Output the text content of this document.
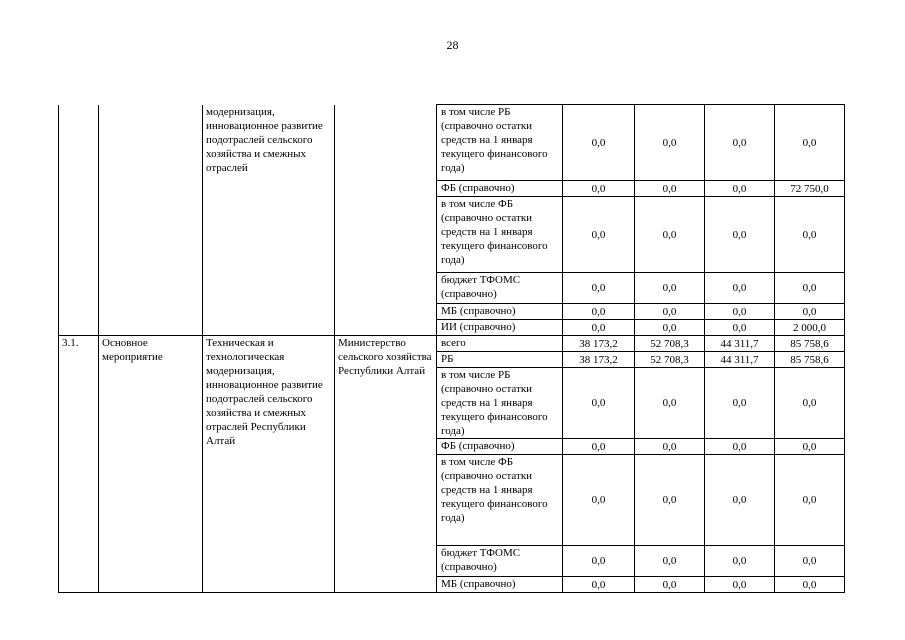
28
		модернизация, инновационное развитие подотраслей сельского хозяйства и смежных отраслей		в том числе РБ (справочно остатки средств на 1 января текущего финансового года)	0,0	0,0	0,0	0,0
				ФБ (справочно)	0,0	0,0	0,0	72 750,0
				в том числе ФБ (справочно остатки средств на 1 января текущего финансового года)	0,0	0,0	0,0	0,0
				бюджет ТФОМС (справочно)	0,0	0,0	0,0	0,0
				МБ (справочно)	0,0	0,0	0,0	0,0
				ИИ (справочно)	0,0	0,0	0,0	2 000,0
3.1.	Основное мероприятие	Техническая и технологическая модернизация, инновационное развитие подотраслей сельского хозяйства и смежных отраслей Республики Алтай	Министерство сельского хозяйства Республики Алтай	всего	38 173,2	52 708,3	44 311,7	85 758,6
				РБ	38 173,2	52 708,3	44 311,7	85 758,6
				в том числе РБ (справочно остатки средств на 1 января текущего финансового года)	0,0	0,0	0,0	0,0
				ФБ (справочно)	0,0	0,0	0,0	0,0
				в том числе ФБ (справочно остатки средств на 1 января текущего финансового года)	0,0	0,0	0,0	0,0
				бюджет ТФОМС (справочно)	0,0	0,0	0,0	0,0
				МБ (справочно)	0,0	0,0	0,0	0,0
